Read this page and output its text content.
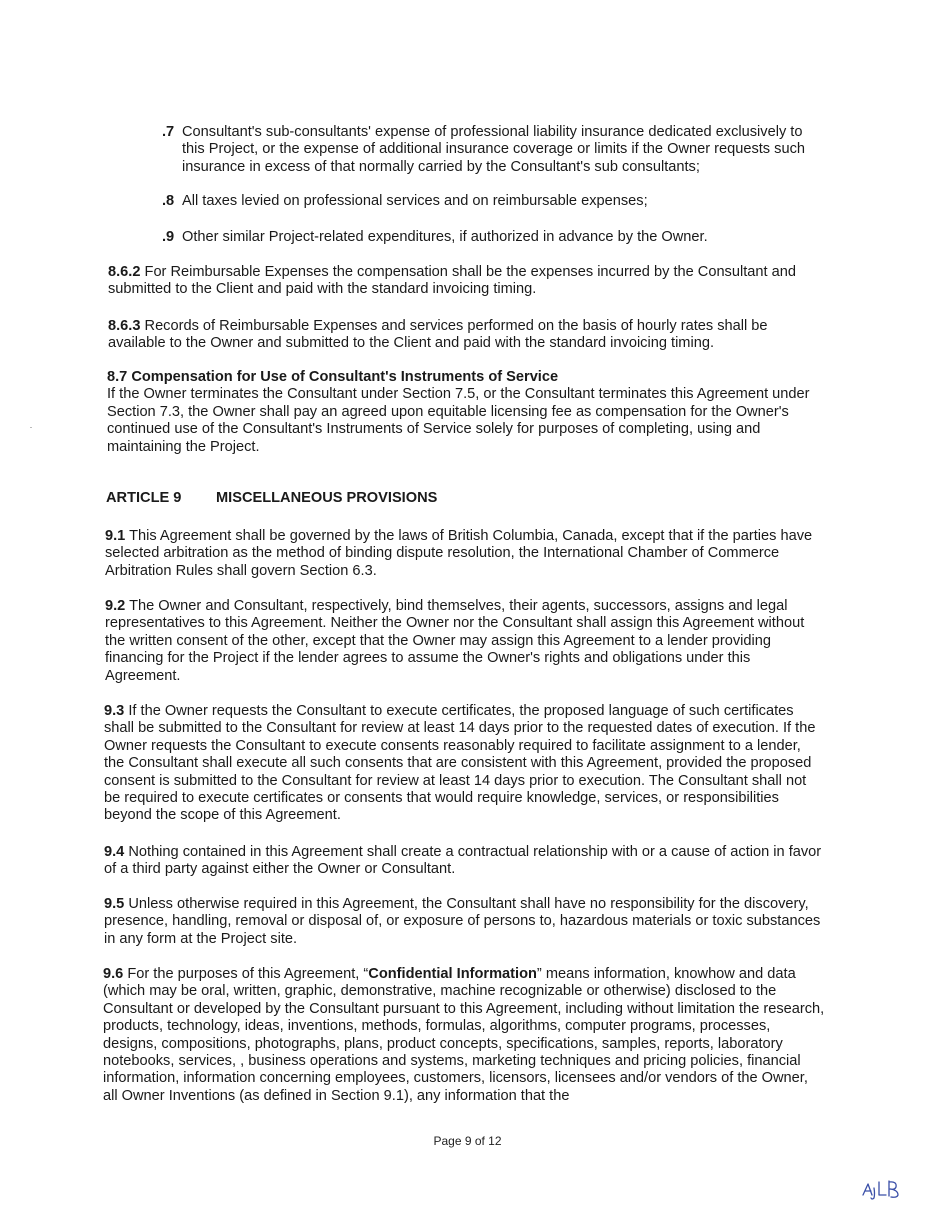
.7 Consultant's sub-consultants' expense of professional liability insurance dedicated exclusively to this Project, or the expense of additional insurance coverage or limits if the Owner requests such insurance in excess of that normally carried by the Consultant's sub consultants;

.8 All taxes levied on professional services and on reimbursable expenses;

.9 Other similar Project-related expenditures, if authorized in advance by the Owner.

8.6.2 For Reimbursable Expenses the compensation shall be the expenses incurred by the Consultant and submitted to the Client and paid with the standard invoicing timing.

8.6.3 Records of Reimbursable Expenses and services performed on the basis of hourly rates shall be available to the Owner and submitted to the Client and paid with the standard invoicing timing.

8.7 Compensation for Use of Consultant's Instruments of Service
If the Owner terminates the Consultant under Section 7.5, or the Consultant terminates this Agreement under Section 7.3, the Owner shall pay an agreed upon equitable licensing fee as compensation for the Owner's continued use of the Consultant's Instruments of Service solely for purposes of completing, using and maintaining the Project.
ARTICLE 9 MISCELLANEOUS PROVISIONS

9.1 This Agreement shall be governed by the laws of British Columbia, Canada, except that if the parties have selected arbitration as the method of binding dispute resolution, the International Chamber of Commerce Arbitration Rules shall govern Section 6.3.

9.2 The Owner and Consultant, respectively, bind themselves, their agents, successors, assigns and legal representatives to this Agreement. Neither the Owner nor the Consultant shall assign this Agreement without the written consent of the other, except that the Owner may assign this Agreement to a lender providing financing for the Project if the lender agrees to assume the Owner's rights and obligations under this Agreement.

9.3 If the Owner requests the Consultant to execute certificates, the proposed language of such certificates shall be submitted to the Consultant for review at least 14 days prior to the requested dates of execution. If the Owner requests the Consultant to execute consents reasonably required to facilitate assignment to a lender, the Consultant shall execute all such consents that are consistent with this Agreement, provided the proposed consent is submitted to the Consultant for review at least 14 days prior to execution. The Consultant shall not be required to execute certificates or consents that would require knowledge, services, or responsibilities beyond the scope of this Agreement.

9.4 Nothing contained in this Agreement shall create a contractual relationship with or a cause of action in favor of a third party against either the Owner or Consultant.

9.5 Unless otherwise required in this Agreement, the Consultant shall have no responsibility for the discovery, presence, handling, removal or disposal of, or exposure of persons to, hazardous materials or toxic substances in any form at the Project site.

9.6 For the purposes of this Agreement, “Confidential Information” means information, knowhow and data (which may be oral, written, graphic, demonstrative, machine recognizable or otherwise) disclosed to the Consultant or developed by the Consultant pursuant to this Agreement, including without limitation the research, products, technology, ideas, inventions, methods, formulas, algorithms, computer programs, processes, designs, compositions, photographs, plans, product concepts, specifications, samples, reports, laboratory notebooks, services, , business operations and systems, marketing techniques and pricing policies, financial information, information concerning employees, customers, licensors, licensees and/or vendors of the Owner, all Owner Inventions (as defined in Section 9.1), any information that the

Page 9 of 12
